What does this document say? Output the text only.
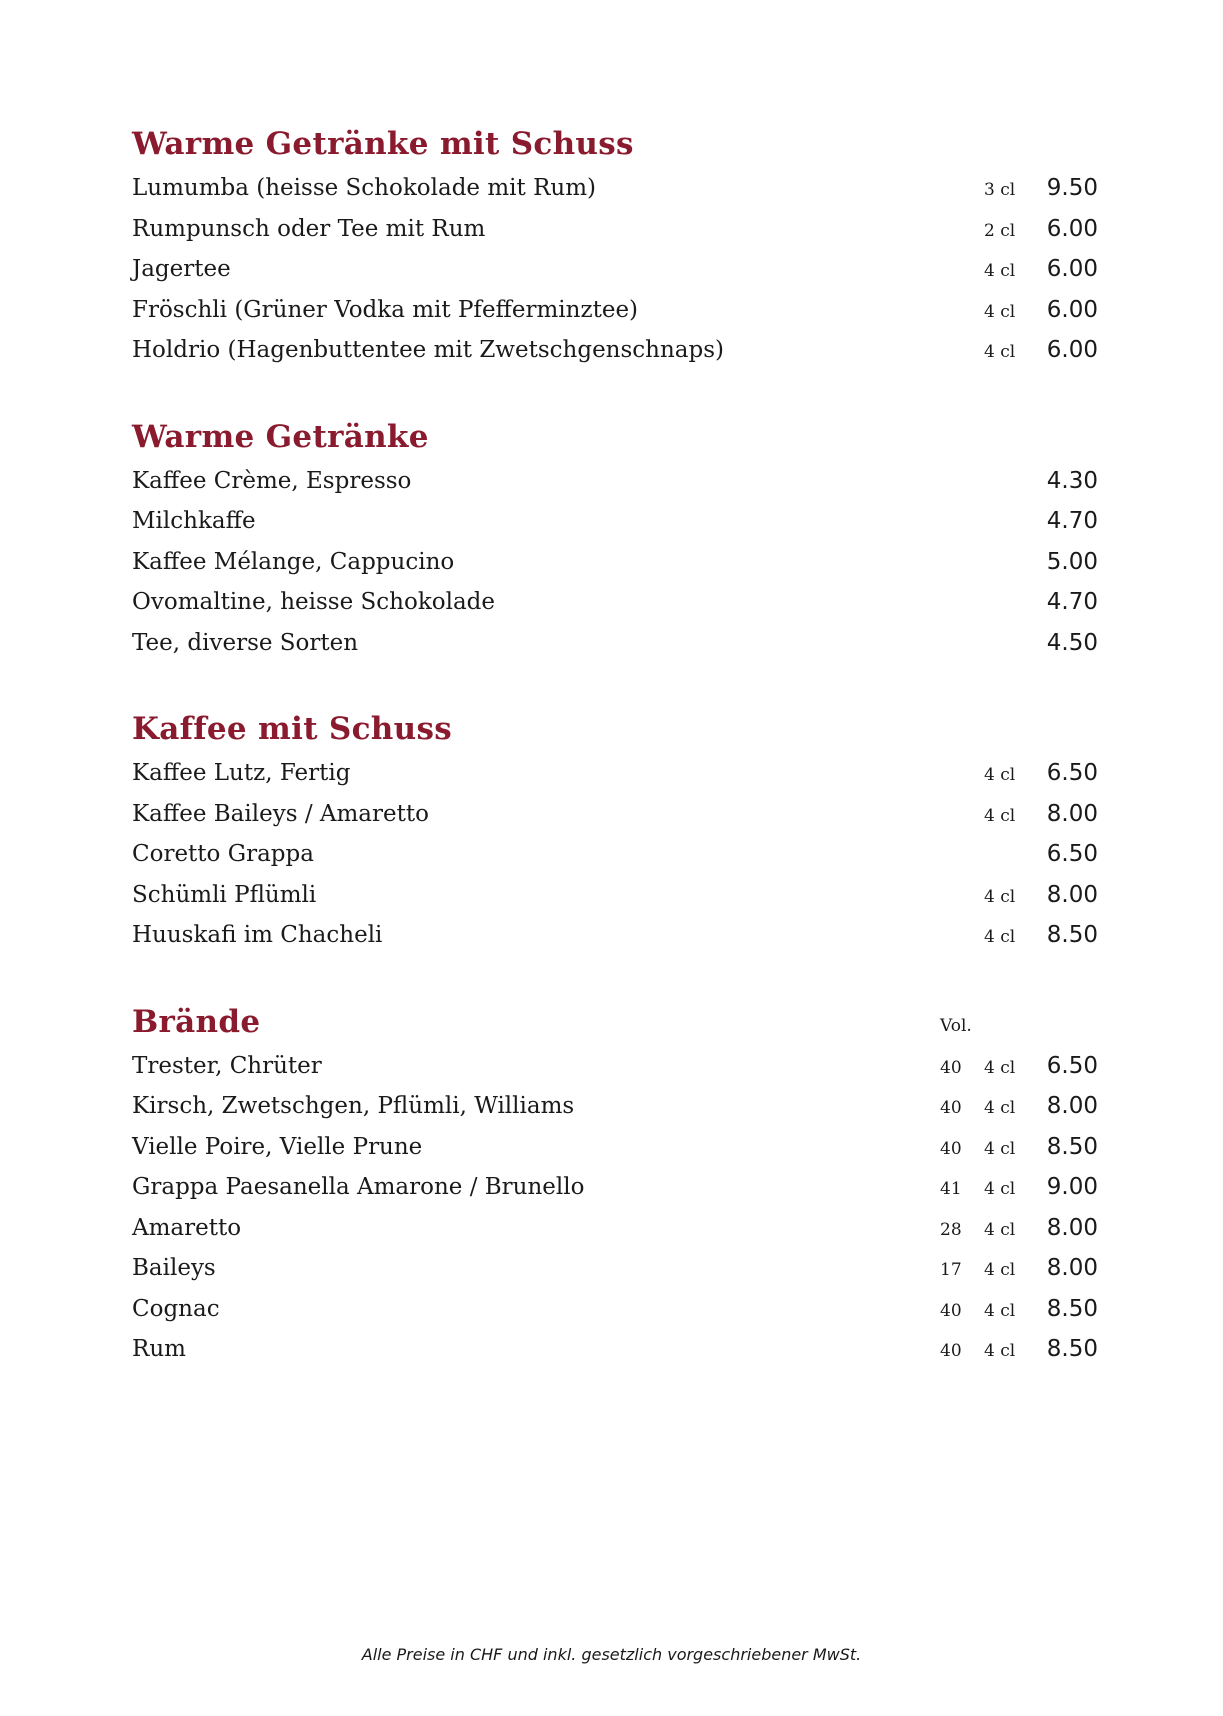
Warme Getränke mit Schuss
Lumumba (heisse Schokolade mit Rum)	3 cl 9.50
Rumpunsch oder Tee mit Rum	2 cl 6.00
Jagertee	4 cl 6.00
Fröschli (Grüner Vodka mit Pfefferminztee)	4 cl 6.00
Holdrio (Hagenbuttentee mit Zwetschgenschnaps)	4 cl 6.00
Warme Getränke
Kaffee Crème, Espresso	4.30
Milchkaffe	4.70
Kaffee Mélange, Cappucino	5.00
Ovomaltine, heisse Schokolade	4.70
Tee, diverse Sorten	4.50
Kaffee mit Schuss
Kaffee Lutz, Fertig	4 cl 6.50
Kaffee Baileys / Amaretto	4 cl 8.00
Coretto Grappa	6.50
Schümli Pflümli	4 cl 8.00
Huuskafi im Chacheli	4 cl 8.50
Brände	Vol.
Trester, Chrüter	40 4 cl 6.50
Kirsch, Zwetschgen, Pflümli, Williams	40 4 cl 8.00
Vielle Poire, Vielle Prune	40 4 cl 8.50
Grappa Paesanella Amarone / Brunello	41 4 cl 9.00
Amaretto	28 4 cl 8.00
Baileys	17 4 cl 8.00
Cognac	40 4 cl 8.50
Rum	40 4 cl 8.50
Alle Preise in CHF und inkl. gesetzlich vorgeschriebener MwSt.
